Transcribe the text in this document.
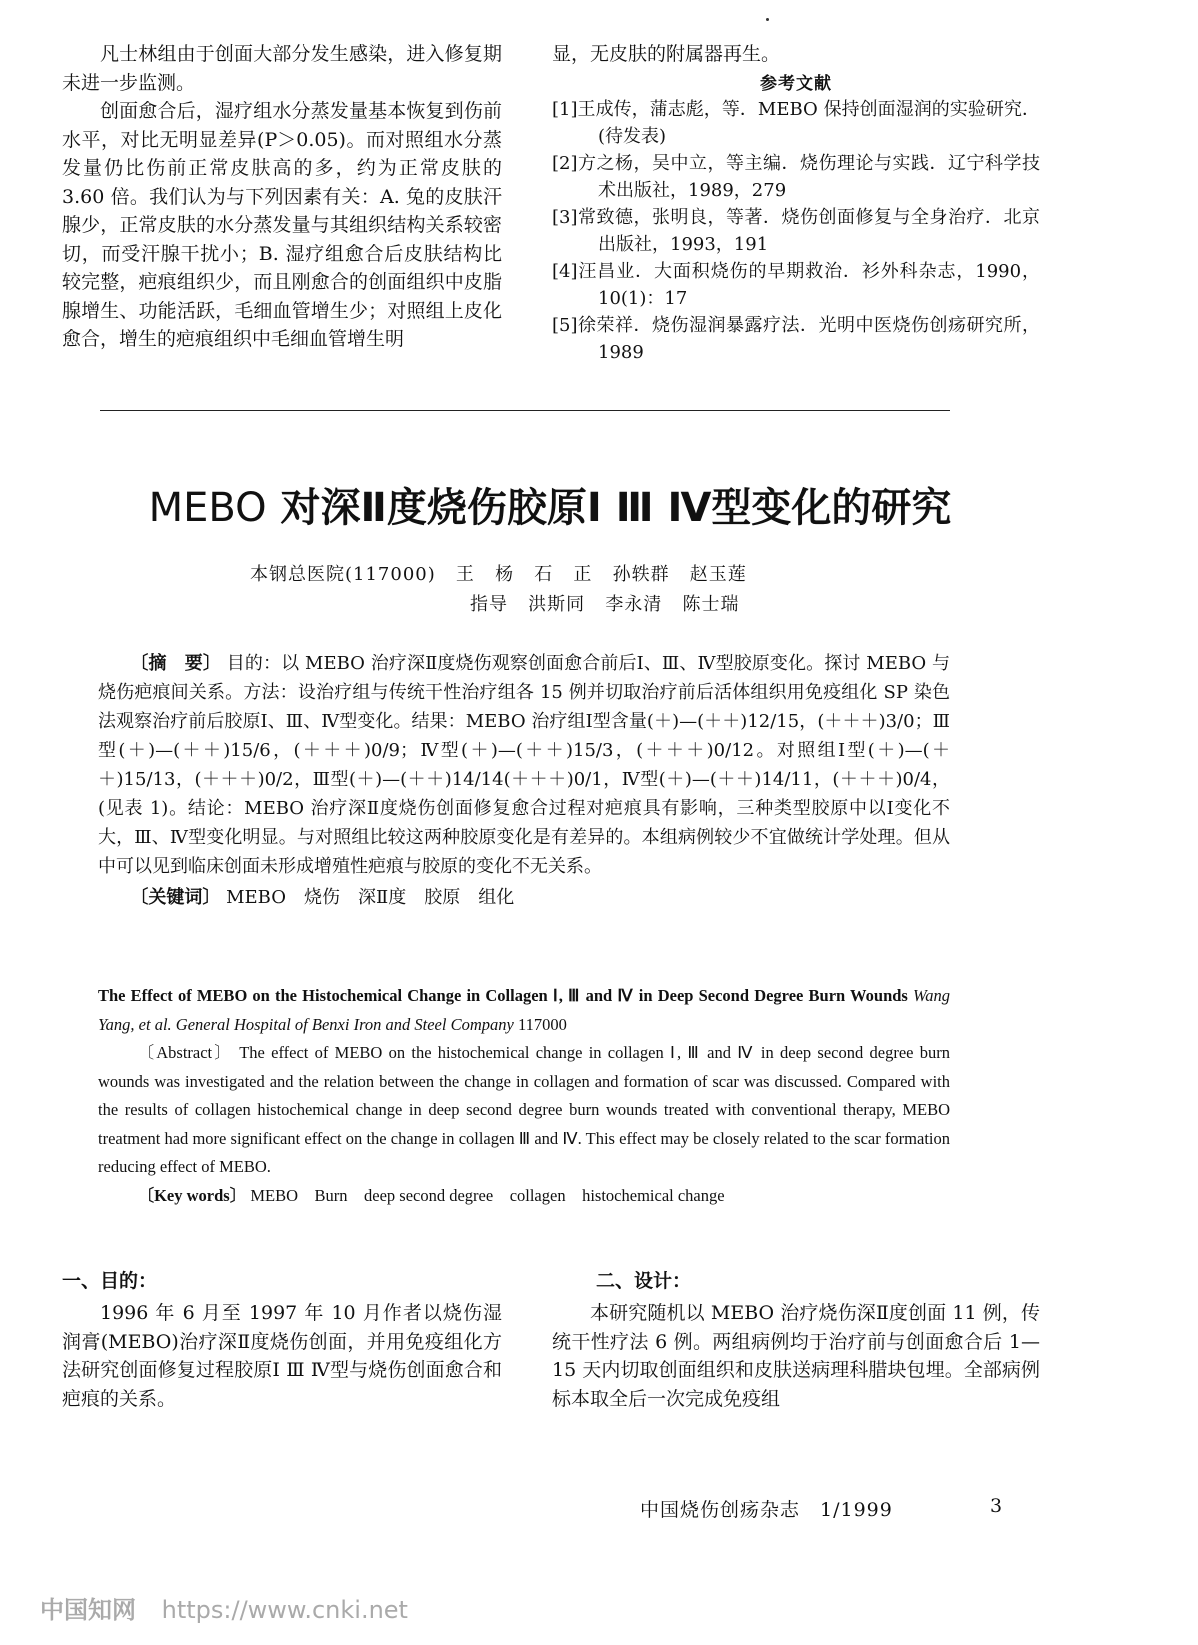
凡士林组由于创面大部分发生感染，进入修复期未进一步监测。

创面愈合后，湿疗组水分蒸发量基本恢复到伤前水平，对比无明显差异(P＞0.05)。而对照组水分蒸发量仍比伤前正常皮肤高的多，约为正常皮肤的 3.60 倍。我们认为与下列因素有关：A. 兔的皮肤汗腺少，正常皮肤的水分蒸发量与其组织结构关系较密切，而受汗腺干扰小；B. 湿疗组愈合后皮肤结构比较完整，疤痕组织少，而且刚愈合的创面组织中皮脂腺增生、功能活跃，毛细血管增生少；对照组上皮化愈合，增生的疤痕组织中毛细血管增生明

显，无皮肤的附属器再生。
参考文献
[1]王成传，蒲志彪，等．MEBO 保持创面湿润的实验研究．(待发表)
[2]方之杨，吴中立，等主编．烧伤理论与实践．辽宁科学技术出版社，1989，279
[3]常致德，张明良，等著．烧伤创面修复与全身治疗．北京出版社，1993，191
[4]汪昌业．大面积烧伤的早期救治．衫外科杂志，1990，10(1)：17
[5]徐荣祥．烧伤湿润暴露疗法．光明中医烧伤创疡研究所，1989
MEBO 对深Ⅱ度烧伤胶原Ⅰ Ⅲ Ⅳ型变化的研究
本钢总医院(117000)   王   杨   石   正   孙轶群   赵玉莲
指导   洪斯同   李永清   陈士瑞

〔摘　要〕 目的：以 MEBO 治疗深Ⅱ度烧伤观察创面愈合前后Ⅰ、Ⅲ、Ⅳ型胶原变化。探讨 MEBO 与烧伤疤痕间关系。方法：设治疗组与传统干性治疗组各 15 例并切取治疗前后活体组织用免疫组化 SP 染色法观察治疗前后胶原Ⅰ、Ⅲ、Ⅳ型变化。结果：MEBO 治疗组Ⅰ型含量(＋)—(＋＋)12/15，(＋＋＋)3/0；Ⅲ型(＋)—(＋＋)15/6，(＋＋＋)0/9；Ⅳ型(＋)—(＋＋)15/3，(＋＋＋)0/12。对照组Ⅰ型(＋)—(＋＋)15/13，(＋＋＋)0/2，Ⅲ型(＋)—(＋＋)14/14(＋＋＋)0/1，Ⅳ型(＋)—(＋＋)14/11，(＋＋＋)0/4，(见表 1)。结论：MEBO 治疗深Ⅱ度烧伤创面修复愈合过程对疤痕具有影响，三种类型胶原中以Ⅰ变化不大，Ⅲ、Ⅳ型变化明显。与对照组比较这两种胶原变化是有差异的。本组病例较少不宜做统计学处理。但从中可以见到临床创面未形成增殖性疤痕与胶原的变化不无关系。

〔关键词〕 MEBO　烧伤　深Ⅱ度　胶原　组化

The Effect of MEBO on the Histochemical Change in Collagen Ⅰ, Ⅲ and Ⅳ in Deep Second Degree Burn Wounds Wang Yang, et al. General Hospital of Benxi Iron and Steel Company 117000

〔Abstract〕 The effect of MEBO on the histochemical change in collagen Ⅰ, Ⅲ and Ⅳ in deep second degree burn wounds was investigated and the relation between the change in collagen and formation of scar was discussed. Compared with the results of collagen histochemical change in deep second degree burn wounds treated with conventional therapy, MEBO treatment had more significant effect on the change in collagen Ⅲ and Ⅳ. This effect may be closely related to the scar formation reducing effect of MEBO.

〔Key words〕 MEBO　Burn　deep second degree　collagen　histochemical change

一、目的：

1996 年 6 月至 1997 年 10 月作者以烧伤湿润膏(MEBO)治疗深Ⅱ度烧伤创面，并用免疫组化方法研究创面修复过程胶原Ⅰ Ⅲ Ⅳ型与烧伤创面愈合和疤痕的关系。

二、设计：

本研究随机以 MEBO 治疗烧伤深Ⅱ度创面 11 例，传统干性疗法 6 例。两组病例均于治疗前与创面愈合后 1—15 天内切取创面组织和皮肤送病理科腊块包埋。全部病例标本取全后一次完成免疫组

中国烧伤创疡杂志　1/1999	3
中国知网 https://www.cnki.net
